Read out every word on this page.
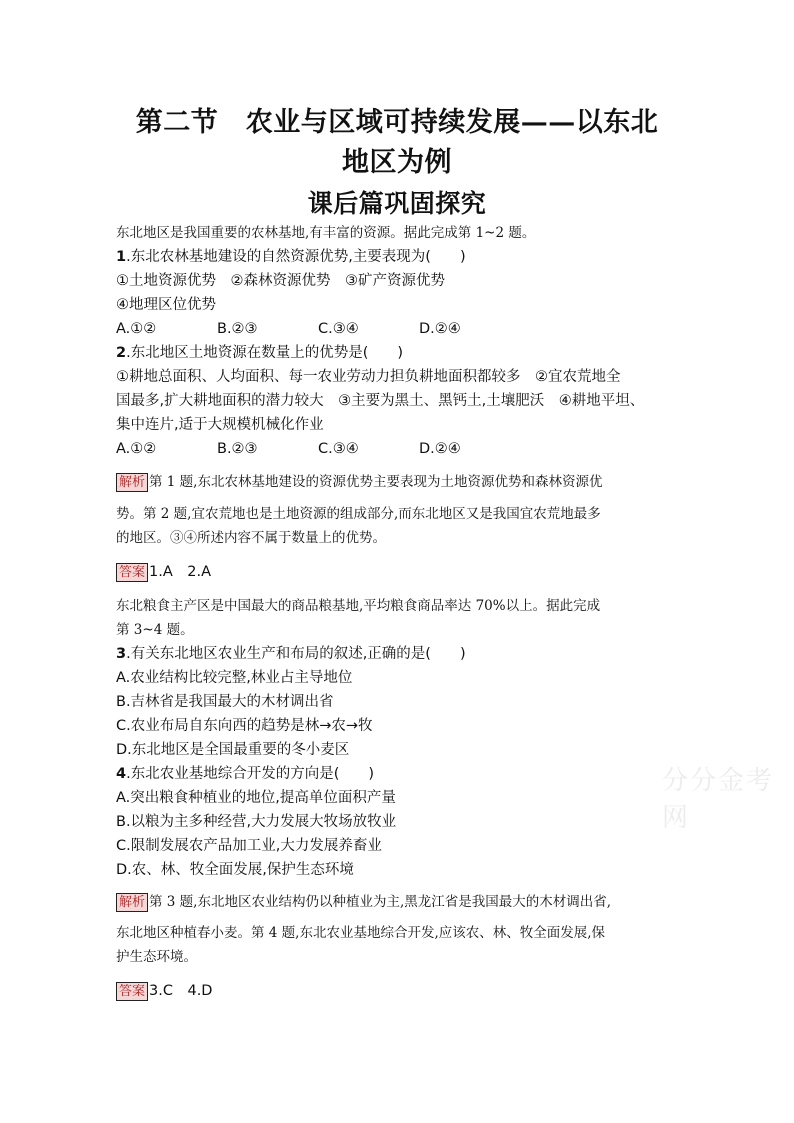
第二节　农业与区域可持续发展——以东北
地区为例
课后篇巩固探究
东北地区是我国重要的农林基地,有丰富的资源。据此完成第 1~2 题。
1.东北农林基地建设的自然资源优势,主要表现为(　　)
①土地资源优势　②森林资源优势　③矿产资源优势
④地理区位优势
A.①②	B.②③	C.③④	D.②④
2.东北地区土地资源在数量上的优势是(　　)
①耕地总面积、人均面积、每一农业劳动力担负耕地面积都较多　②宜农荒地全
国最多,扩大耕地面积的潜力较大　③主要为黑土、黑钙土,土壤肥沃　④耕地平坦、
集中连片,适于大规模机械化作业
A.①②	B.②③	C.③④	D.②④
解析 第 1 题,东北农林基地建设的资源优势主要表现为土地资源优势和森林资源优
势。第 2 题,宜农荒地也是土地资源的组成部分,而东北地区又是我国宜农荒地最多
的地区。③④所述内容不属于数量上的优势。
答案 1.A　2.A
东北粮食主产区是中国最大的商品粮基地,平均粮食商品率达 70%以上。据此完成
第 3~4 题。
3.有关东北地区农业生产和布局的叙述,正确的是(　　)
A.农业结构比较完整,林业占主导地位
B.吉林省是我国最大的木材调出省
C.农业布局自东向西的趋势是林→农→牧
D.东北地区是全国最重要的冬小麦区
4.东北农业基地综合开发的方向是(　　)
A.突出粮食种植业的地位,提高单位面积产量
B.以粮为主多种经营,大力发展大牧场放牧业
C.限制发展农产品加工业,大力发展养畜业
D.农、林、牧全面发展,保护生态环境
解析 第 3 题,东北地区农业结构仍以种植业为主,黑龙江省是我国最大的木材调出省,
东北地区种植春小麦。第 4 题,东北农业基地综合开发,应该农、林、牧全面发展,保
护生态环境。
答案 3.C　4.D
分分金考网
